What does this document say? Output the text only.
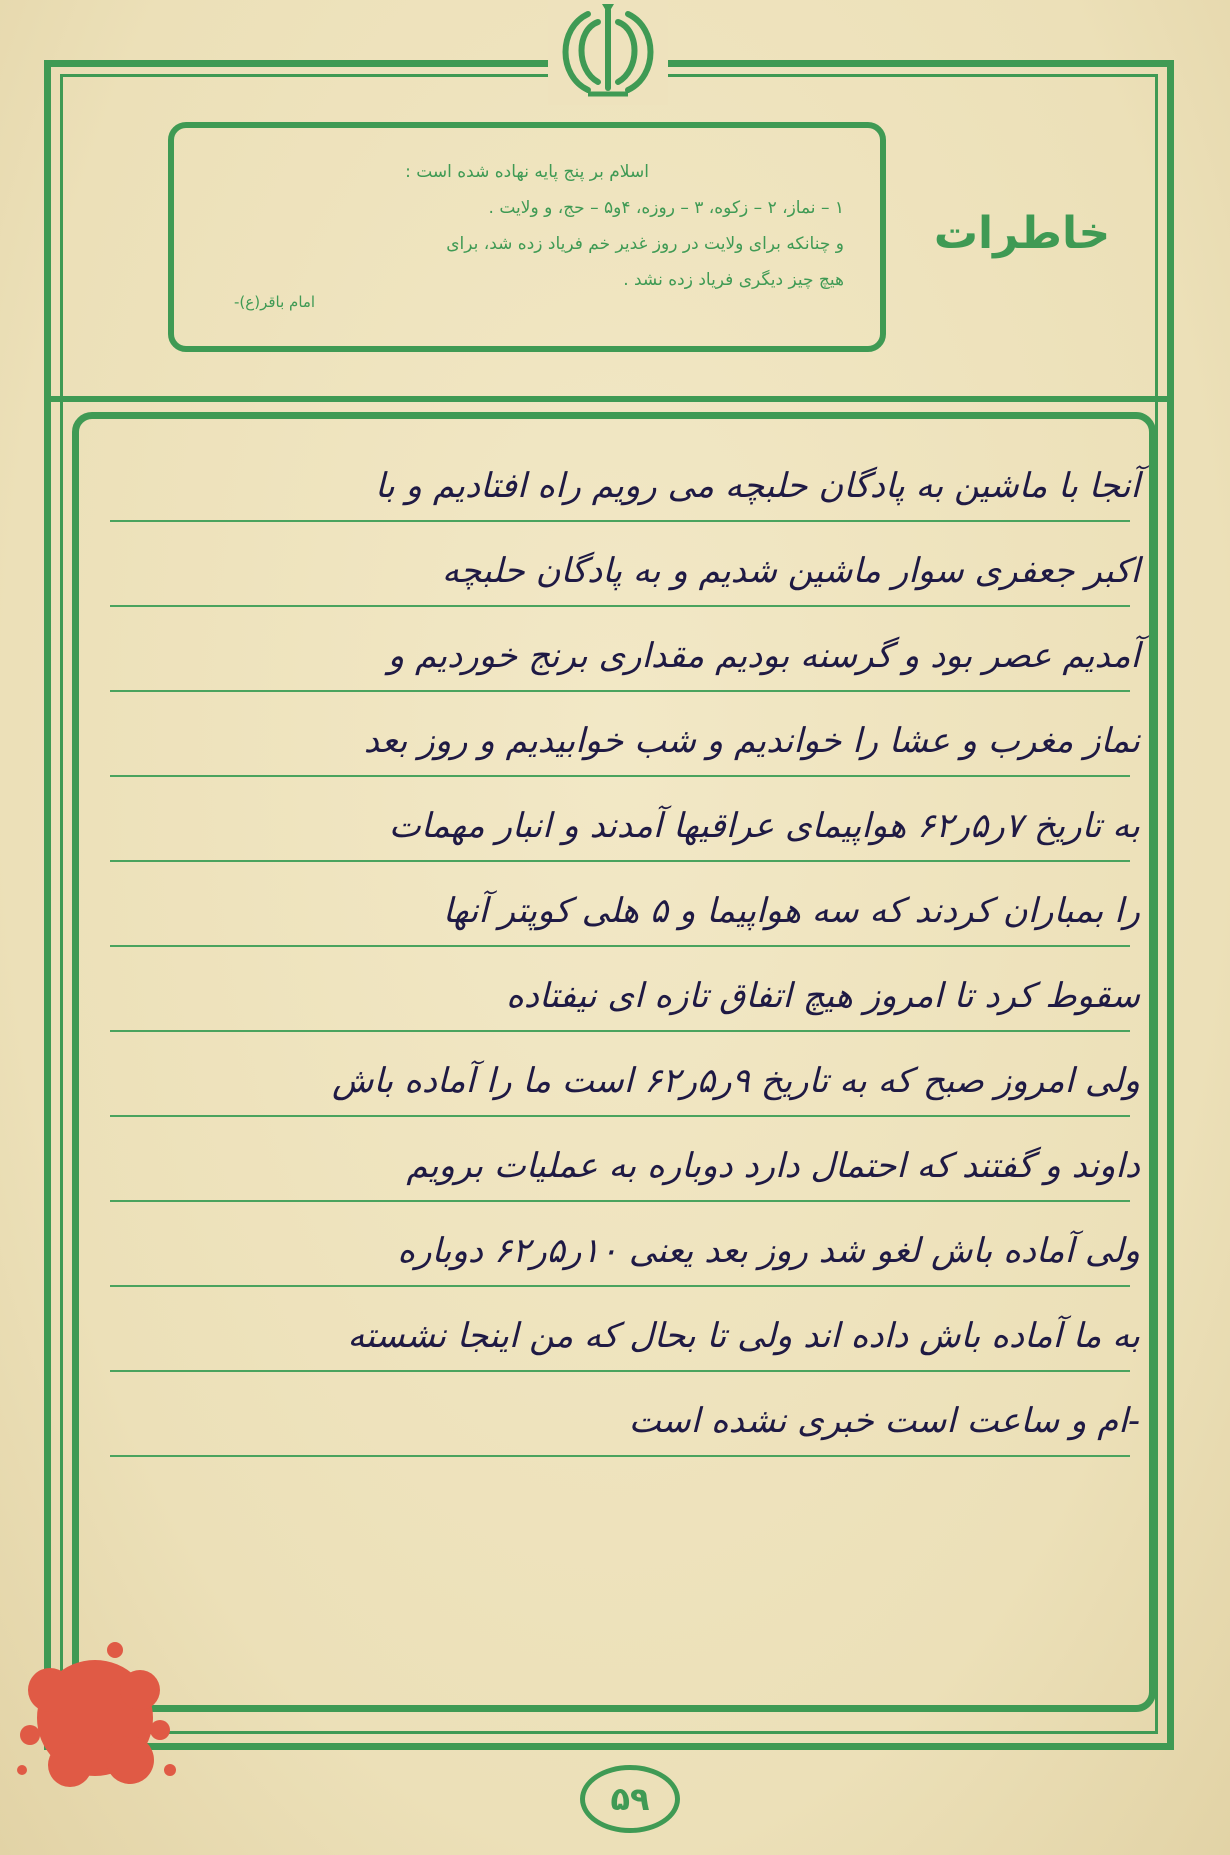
خاطرات
اسلام بر پنج پایه نهاده شده است :
۱ – نماز، ۲ – زکوه، ۳ – روزه، ۴و۵ – حج، و ولایت .
و چنانکه برای ولایت در روز غدیر خم فریاد زده شد، برای
هیچ چیز دیگری فریاد زده نشد .
امام باقر(ع)-
آنجا با ماشین به پادگان حلبچه می رویم راه افتادیم و با
اکبر جعفری سوار ماشین شدیم و به پادگان حلبچه
آمدیم عصر بود و گرسنه بودیم مقداری برنج خوردیم و
نماز مغرب و عشا را خواندیم و شب خوابیدیم و روز بعد
به تاریخ ۷ر۵ر۶۲ هواپیمای عراقیها آمدند و انبار مهمات
را بمباران کردند که سه هواپیما و ۵ هلی کوپتر آنها
سقوط کرد تا امروز هیچ اتفاق تازه ای نیفتاده
ولی امروز صبح که به تاریخ ۹ر۵ر۶۲ است ما را آماده باش
داوند و گفتند که احتمال دارد دوباره به عملیات برویم
ولی آماده باش لغو شد روز بعد یعنی ۱۰ر۵ر۶۲ دوباره
به ما آماده باش داده اند ولی تا بحال که من اینجا نشسته
-ام و ساعت است خبری نشده است
۵۹
